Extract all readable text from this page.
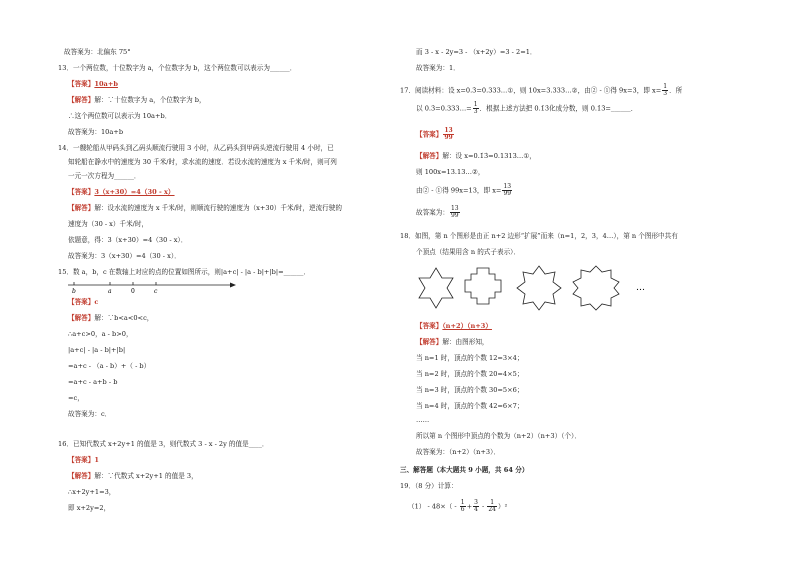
故答案为：北偏东 75°
13．一个两位数，十位数字为 a，个位数字为 b，这个两位数可以表示为______．
【答案】10a+b
【解答】解：∵十位数字为 a，个位数字为 b，
∴这个两位数可以表示为 10a+b．
故答案为：10a+b
14．一艘轮船从甲码头到乙码头顺流行驶用 3 小时，从乙码头到甲码头逆流行驶用 4 小时，已
知轮船在静水中的速度为 30 千米/时，求水流的速度．若设水流的速度为 x 千米/时，则可列
一元一次方程为______．
【答案】3（x+30）=4（30 - x）
【解答】解：设水流的速度为 x 千米/时，则顺流行驶的速度为（x+30）千米/时，逆流行驶的
速度为（30 - x）千米/时，
依题意，得：3（x+30）=4（30 - x）．
故答案为：3（x+30）=4（30 - x）．
15．数 a，b，c 在数轴上对应的点的位置如图所示，则|a+c| - |a - b|+|b|=______．
b	a	0	c
【答案】c
【解答】解：∵b<a<0<c，
∴a+c>0，a - b>0，
|a+c| - |a - b|+|b|
=a+c - （a - b）+（ - b）
=a+c - a+b - b
=c，
故答案为：c．
16．已知代数式 x+2y+1 的值是 3，则代数式 3 - x - 2y 的值是____．
【答案】1
【解答】解：∵代数式 x+2y+1 的值是 3，
∴x+2y+1=3，
即 x+2y=2，
而 3 - x - 2y=3 - （x+2y）=3 - 2=1．
故答案为：1．
17．阅读材料：设 x=0.3̇=0.333…①，则 10x=3.333…②，由② - ①得 9x=3，即 $x= \frac{1}{3}$ ．所
以 0.3̇=0.333…= $\frac{1}{3}$ ．根据上述方法把 0.1̇3̇化成分数，则 0.1̇3̇=______．
【答案】 $\frac{13}{99}$
【解答】解：设 x=0.1̇3̇=0.1313…①，
则 100x=13.13…②，
由② - ①得 99x=13，即 $x= \frac{13}{99}$
故答案为： $\frac{13}{99}$
18．如图，第 n 个图形是由正 n+2 边形“扩展”而来（n=1，2，3，4…），第 n 个图形中共有
个顶点（结果用含 n 的式子表示）．
…
【答案】（n+2）（n+3）
【解答】解：由图形知，
当 n=1 时，顶点的个数 12=3×4；
当 n=2 时，顶点的个数 20=4×5；
当 n=3 时，顶点的个数 30=5×6；
当 n=4 时，顶点的个数 42=6×7；
……
所以第 n 个图形中顶点的个数为（n+2）（n+3）（个）．
故答案为：（n+2）（n+3）．
三、解答题（本大题共 9 小题，共 64 分）
19．（8 分）计算：
$(1) - 48\times( - \frac{1}{6} + \frac{3}{4} - \frac{1}{24} )^2$
